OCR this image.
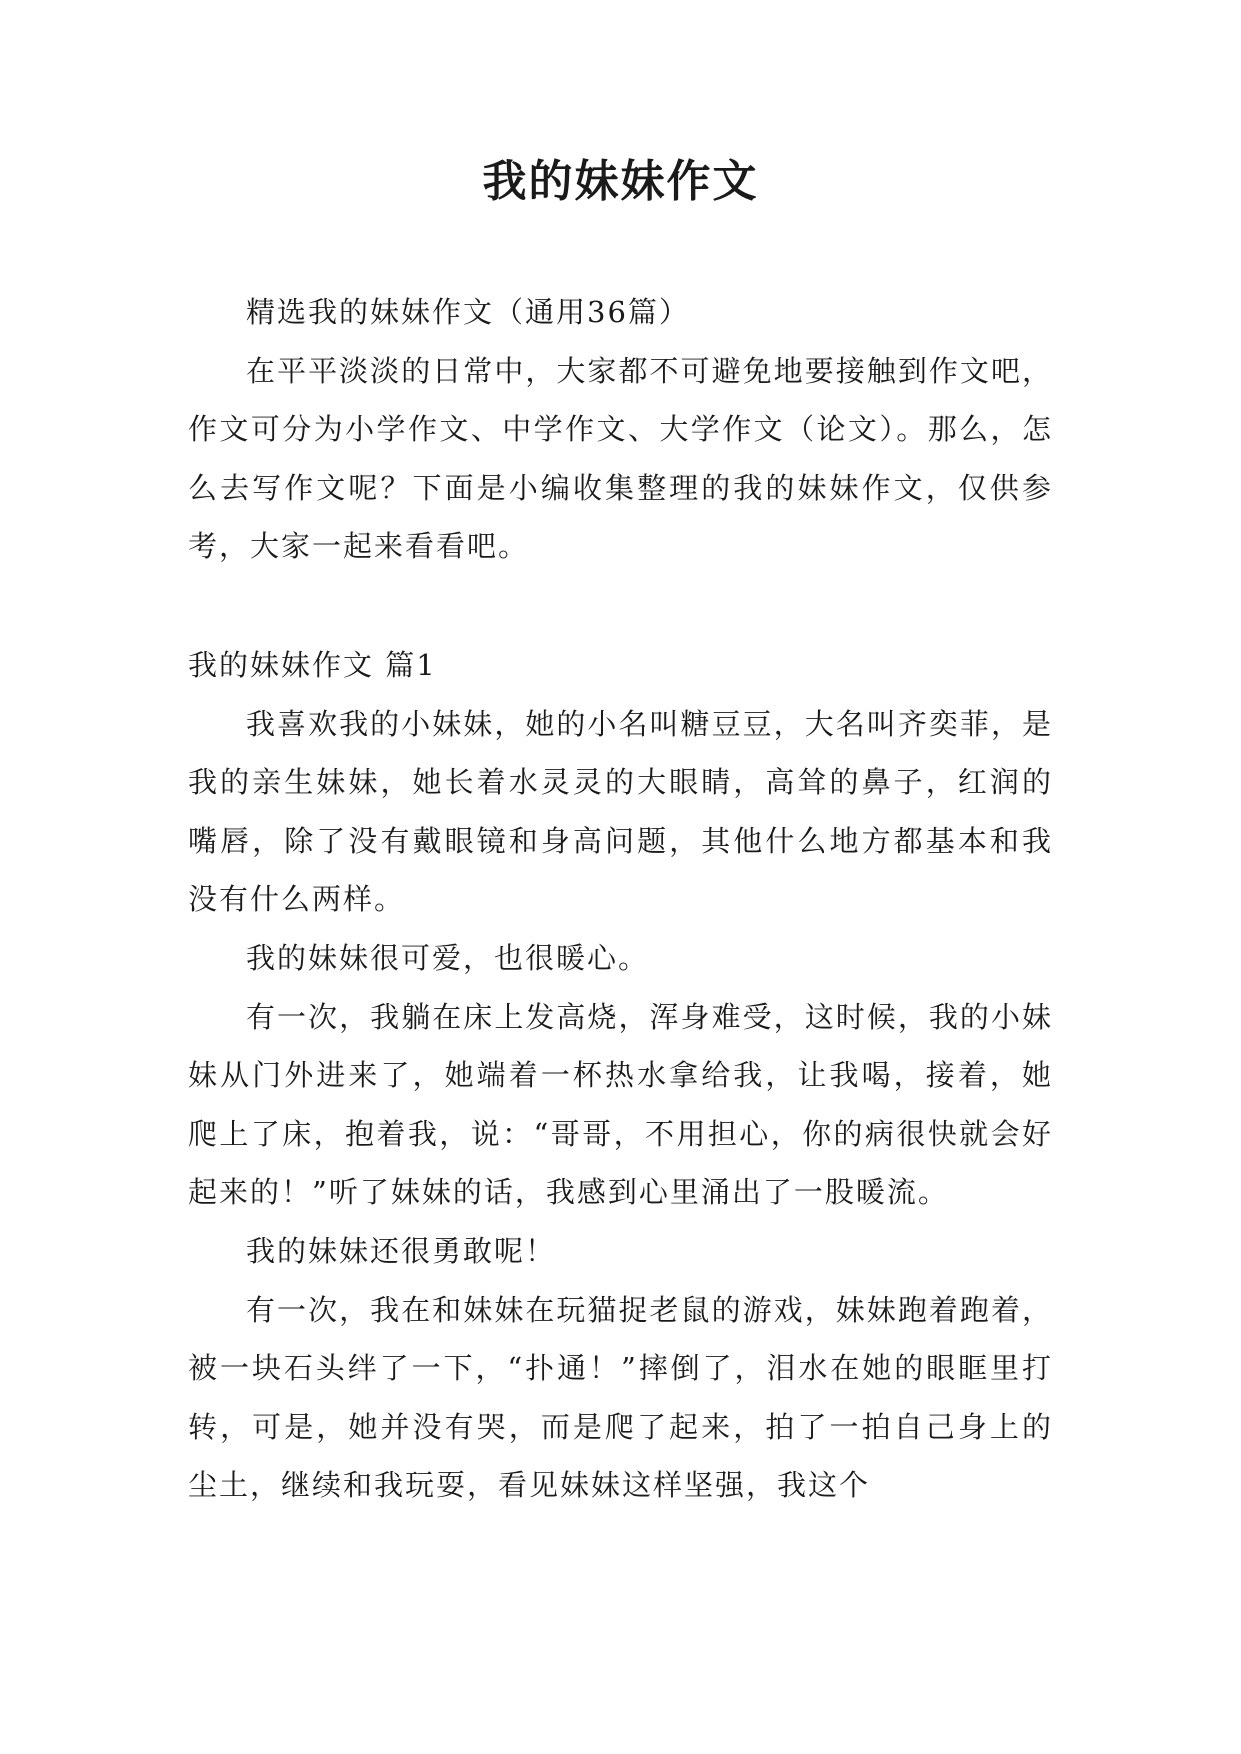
我的妹妹作文

精选我的妹妹作文（通用36篇）

在平平淡淡的日常中，大家都不可避免地要接触到作文吧，作文可分为小学作文、中学作文、大学作文（论文）。那么，怎么去写作文呢？下面是小编收集整理的我的妹妹作文，仅供参考，大家一起来看看吧。

我的妹妹作文 篇1

我喜欢我的小妹妹，她的小名叫糖豆豆，大名叫齐奕菲，是我的亲生妹妹，她长着水灵灵的大眼睛，高耸的鼻子，红润的嘴唇，除了没有戴眼镜和身高问题，其他什么地方都基本和我没有什么两样。

我的妹妹很可爱，也很暖心。

有一次，我躺在床上发高烧，浑身难受，这时候，我的小妹妹从门外进来了，她端着一杯热水拿给我，让我喝，接着，她爬上了床，抱着我，说：“哥哥，不用担心，你的病很快就会好起来的！”听了妹妹的话，我感到心里涌出了一股暖流。

我的妹妹还很勇敢呢！

有一次，我在和妹妹在玩猫捉老鼠的游戏，妹妹跑着跑着，被一块石头绊了一下，“扑通！”摔倒了，泪水在她的眼眶里打转，可是，她并没有哭，而是爬了起来，拍了一拍自己身上的尘土，继续和我玩耍，看见妹妹这样坚强，我这个
